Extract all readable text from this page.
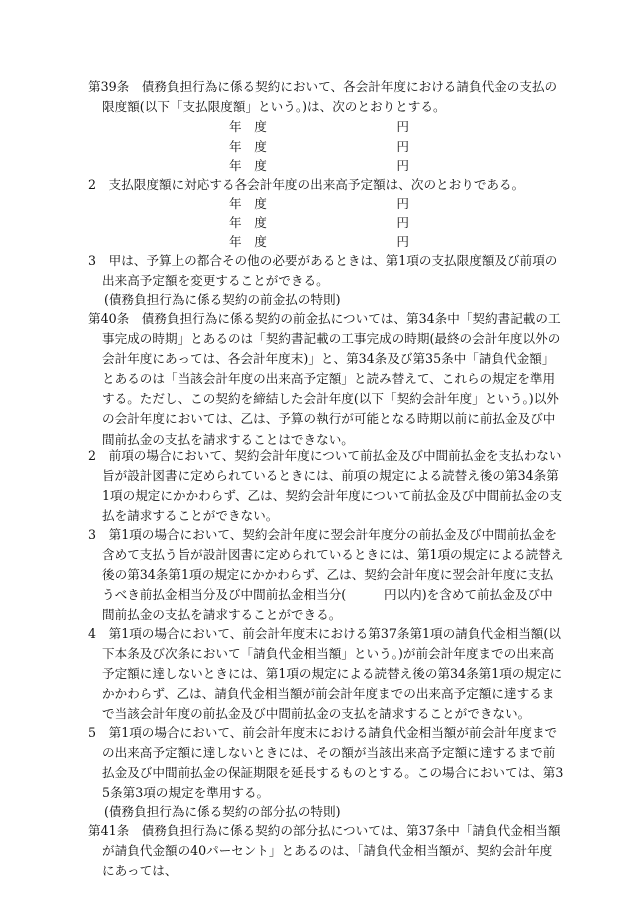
第39条　債務負担行為に係る契約において、各会計年度における請負代金の支払の限度額(以下「支払限度額」という。)は、次のとおりとする。
年　度	円
年　度	円
年　度	円
2　支払限度額に対応する各会計年度の出来高予定額は、次のとおりである。
年　度	円
年　度	円
年　度	円
3　甲は、予算上の都合その他の必要があるときは、第1項の支払限度額及び前項の出来高予定額を変更することができる。
(債務負担行為に係る契約の前金払の特則)
第40条　債務負担行為に係る契約の前金払については、第34条中「契約書記載の工事完成の時期」とあるのは「契約書記載の工事完成の時期(最終の会計年度以外の会計年度にあっては、各会計年度末)」と、第34条及び第35条中「請負代金額」とあるのは「当該会計年度の出来高予定額」と読み替えて、これらの規定を準用する。ただし、この契約を締結した会計年度(以下「契約会計年度」という。)以外の会計年度においては、乙は、予算の執行が可能となる時期以前に前払金及び中間前払金の支払を請求することはできない。
2　前項の場合において、契約会計年度について前払金及び中間前払金を支払わない旨が設計図書に定められているときには、前項の規定による読替え後の第34条第1項の規定にかかわらず、乙は、契約会計年度について前払金及び中間前払金の支払を請求することができない。
3　第1項の場合において、契約会計年度に翌会計年度分の前払金及び中間前払金を含めて支払う旨が設計図書に定められているときには、第1項の規定による読替え後の第34条第1項の規定にかかわらず、乙は、契約会計年度に翌会計年度に支払うべき前払金相当分及び中間前払金相当分(　　　円以内)を含めて前払金及び中間前払金の支払を請求することができる。
4　第1項の場合において、前会計年度末における第37条第1項の請負代金相当額(以下本条及び次条において「請負代金相当額」という。)が前会計年度までの出来高予定額に達しないときには、第1項の規定による読替え後の第34条第1項の規定にかかわらず、乙は、請負代金相当額が前会計年度までの出来高予定額に達するまで当該会計年度の前払金及び中間前払金の支払を請求することができない。
5　第1項の場合において、前会計年度末における請負代金相当額が前会計年度までの出来高予定額に達しないときには、その額が当該出来高予定額に達するまで前払金及び中間前払金の保証期限を延長するものとする。この場合においては、第35条第3項の規定を準用する。
(債務負担行為に係る契約の部分払の特則)
第41条　債務負担行為に係る契約の部分払については、第37条中「請負代金相当額が請負代金額の40パーセント」とあるのは、「請負代金相当額が、契約会計年度にあっては、
